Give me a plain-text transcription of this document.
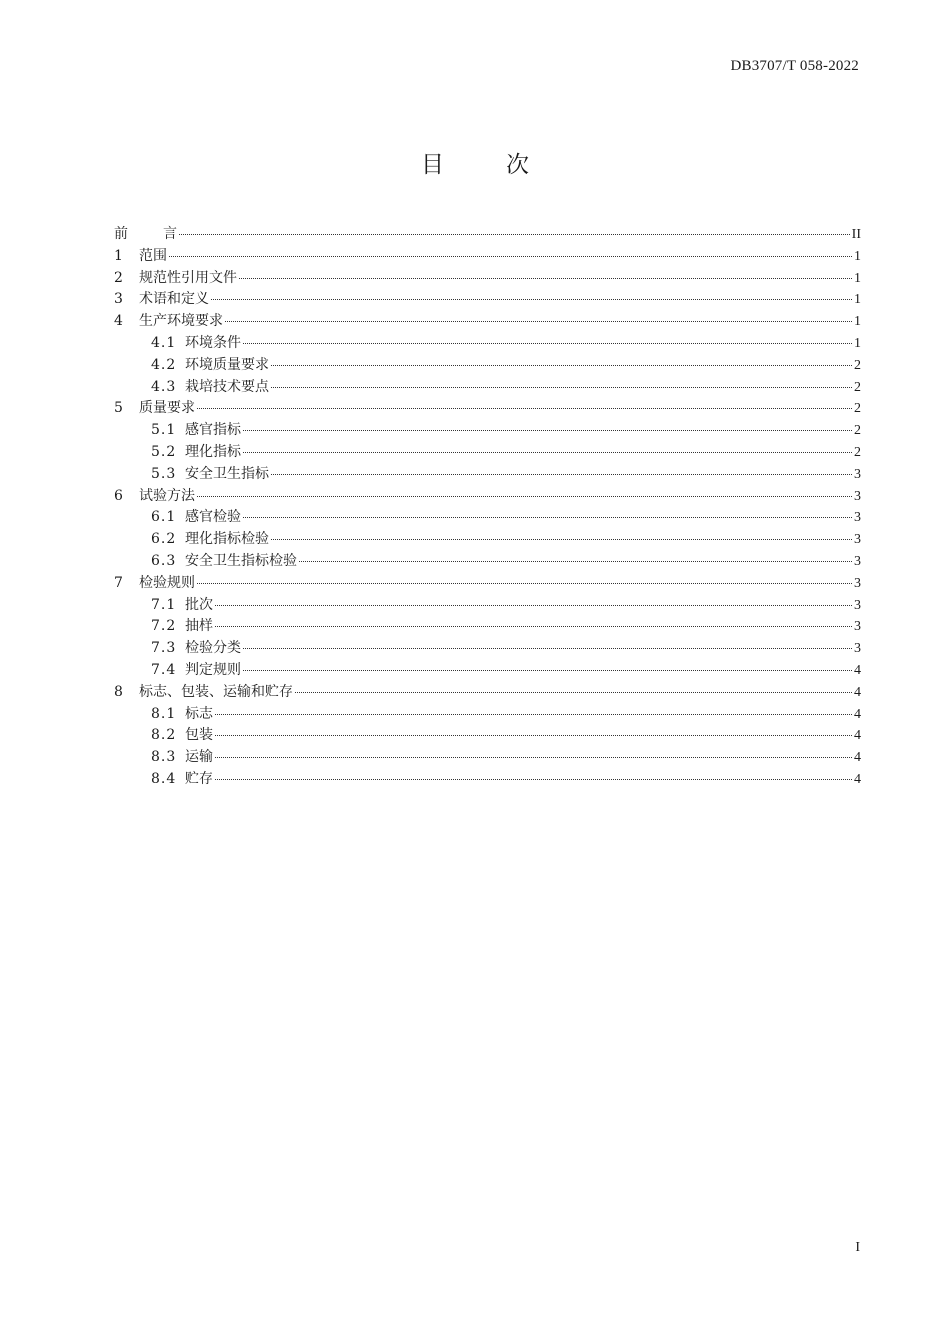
DB3707/T 058-2022
目	次
前	言	II
1	范围	1
2	规范性引用文件	1
3	术语和定义	1
4	生产环境要求	1
4.1 环境条件	1
4.2 环境质量要求	2
4.3 栽培技术要点	2
5	质量要求	2
5.1 感官指标	2
5.2 理化指标	2
5.3 安全卫生指标	3
6	试验方法	3
6.1 感官检验	3
6.2 理化指标检验	3
6.3 安全卫生指标检验	3
7	检验规则	3
7.1 批次	3
7.2 抽样	3
7.3 检验分类	3
7.4 判定规则	4
8	标志、包装、运输和贮存	4
8.1 标志	4
8.2 包装	4
8.3 运输	4
8.4 贮存	4
I
